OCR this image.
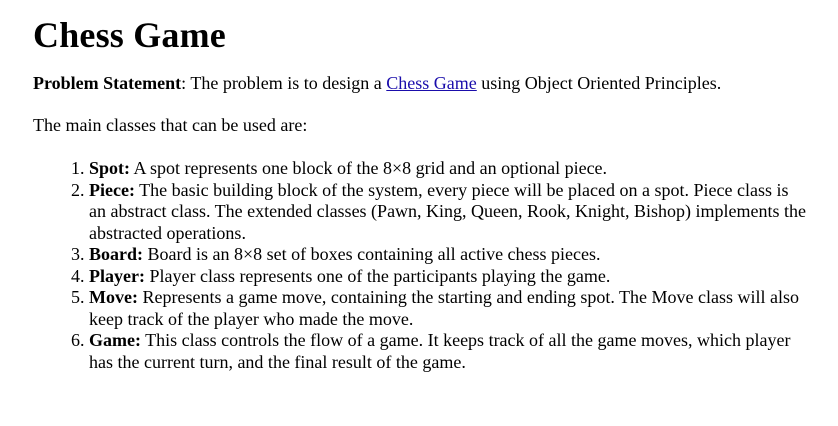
Chess Game

Problem Statement: The problem is to design a Chess Game using Object Oriented Principles.

The main classes that can be used are:

1. Spot: A spot represents one block of the 8×8 grid and an optional piece.
2. Piece: The basic building block of the system, every piece will be placed on a spot. Piece class is an abstract class. The extended classes (Pawn, King, Queen, Rook, Knight, Bishop) implements the abstracted operations.
3. Board: Board is an 8×8 set of boxes containing all active chess pieces.
4. Player: Player class represents one of the participants playing the game.
5. Move: Represents a game move, containing the starting and ending spot. The Move class will also keep track of the player who made the move.
6. Game: This class controls the flow of a game. It keeps track of all the game moves, which player has the current turn, and the final result of the game.
